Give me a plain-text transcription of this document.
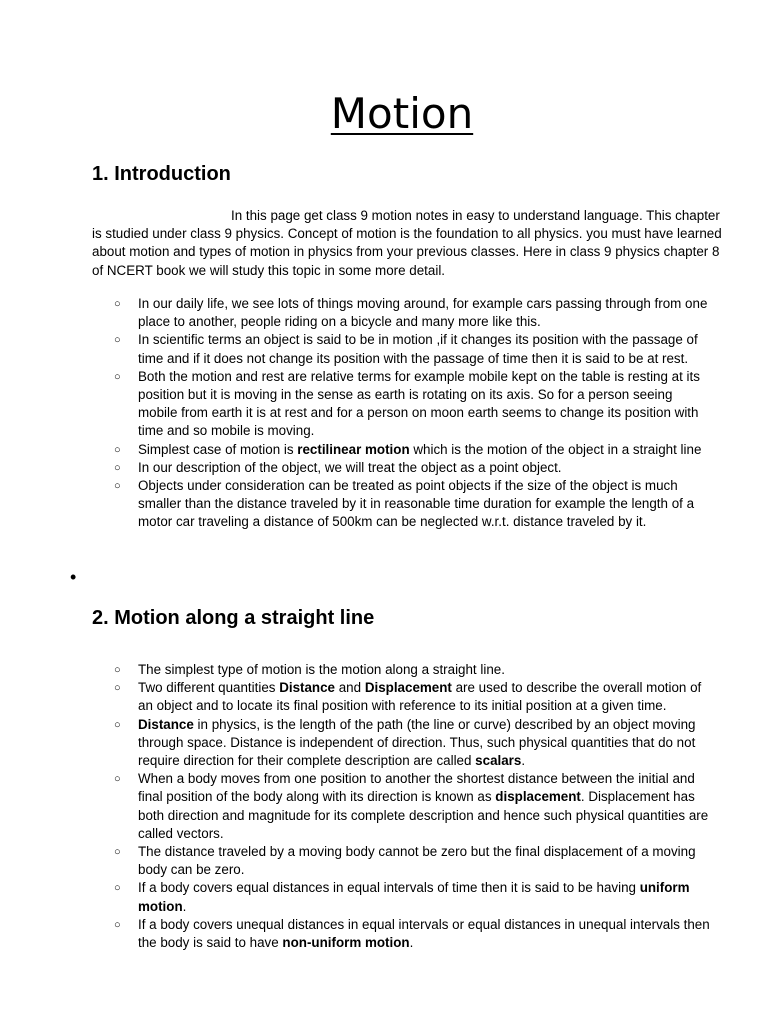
Motion
1. Introduction

In this page get class 9 motion notes in easy to understand language. This chapter is studied under class 9 physics. Concept of motion is the foundation to all physics. you must have learned about motion and types of motion in physics from your previous classes. Here in class 9 physics chapter 8 of NCERT book we will study this topic in some more detail.

○ In our daily life, we see lots of things moving around, for example cars passing through from one place to another, people riding on a bicycle and many more like this.
○ In scientific terms an object is said to be in motion ,if it changes its position with the passage of time and if it does not change its position with the passage of time then it is said to be at rest.
○ Both the motion and rest are relative terms for example mobile kept on the table is resting at its position but it is moving in the sense as earth is rotating on its axis. So for a person seeing mobile from earth it is at rest and for a person on moon earth seems to change its position with time and so mobile is moving.
○ Simplest case of motion is rectilinear motion which is the motion of the object in a straight line
○ In our description of the object, we will treat the object as a point object.
○ Objects under consideration can be treated as point objects if the size of the object is much smaller than the distance traveled by it in reasonable time duration for example the length of a motor car traveling a distance of 500km can be neglected w.r.t. distance traveled by it.
•
2. Motion along a straight line
○ The simplest type of motion is the motion along a straight line.
○ Two different quantities Distance and Displacement are used to describe the overall motion of an object and to locate its final position with reference to its initial position at a given time.
○ Distance in physics, is the length of the path (the line or curve) described by an object moving through space. Distance is independent of direction. Thus, such physical quantities that do not require direction for their complete description are called scalars.
○ When a body moves from one position to another the shortest distance between the initial and final position of the body along with its direction is known as displacement. Displacement has both direction and magnitude for its complete description and hence such physical quantities are called vectors.
○ The distance traveled by a moving body cannot be zero but the final displacement of a moving body can be zero.
○ If a body covers equal distances in equal intervals of time then it is said to be having uniform motion.
○ If a body covers unequal distances in equal intervals or equal distances in unequal intervals then the body is said to have non-uniform motion.
